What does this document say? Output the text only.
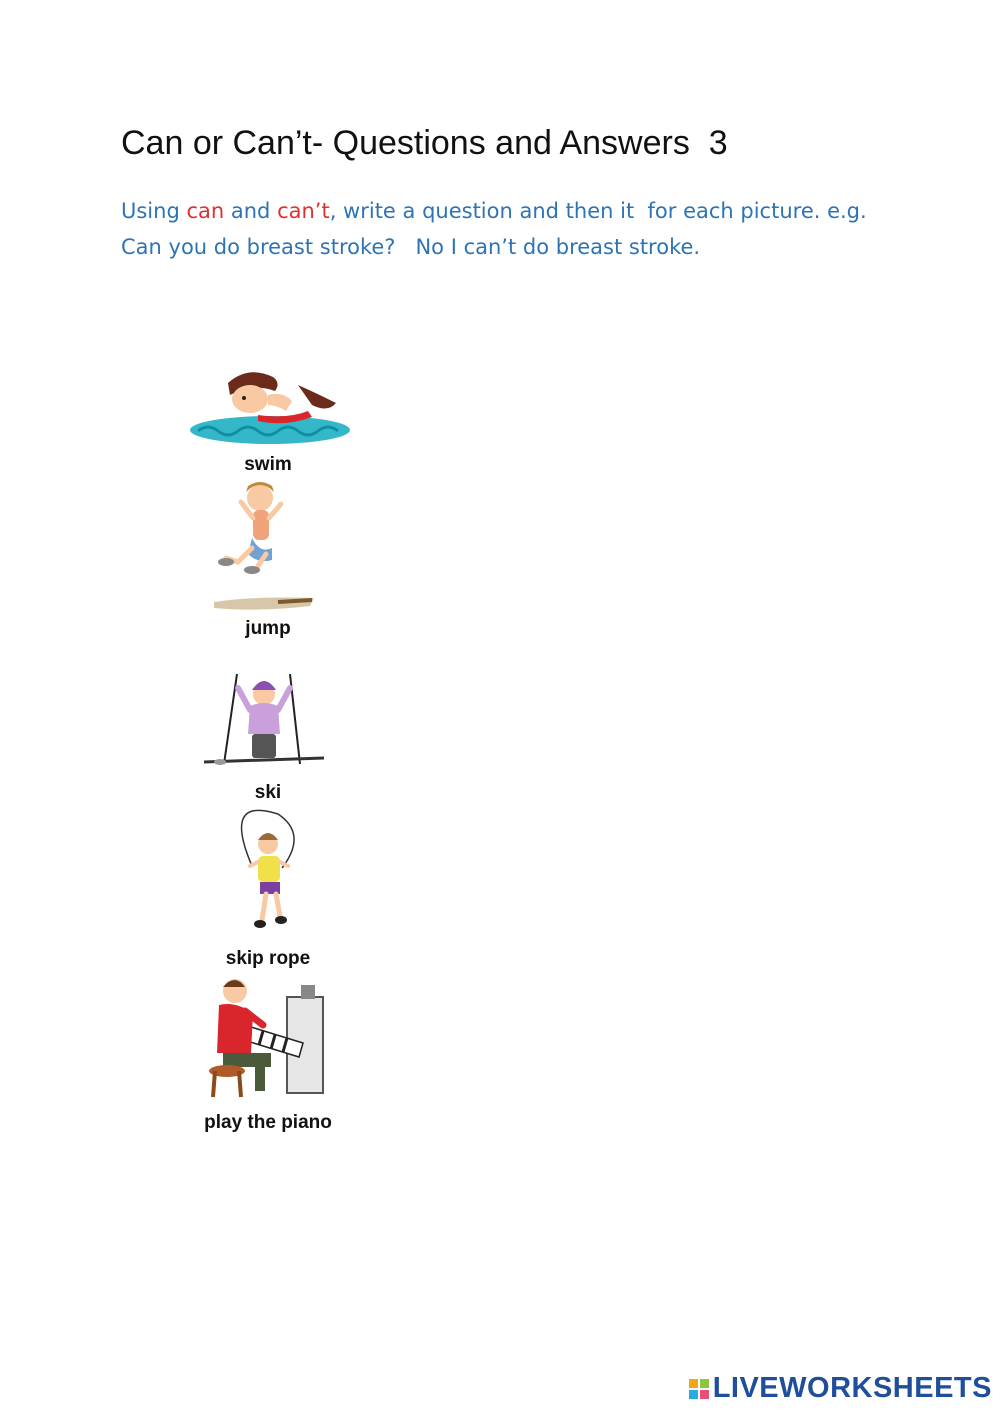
Can or Can’t- Questions and Answers  3
Using can and can’t, write a question and then it  for each picture. e.g.
Can you do breast stroke?   No I can’t do breast stroke.
swim
jump
ski
skip rope
play the piano
LIVEWORKSHEETS
